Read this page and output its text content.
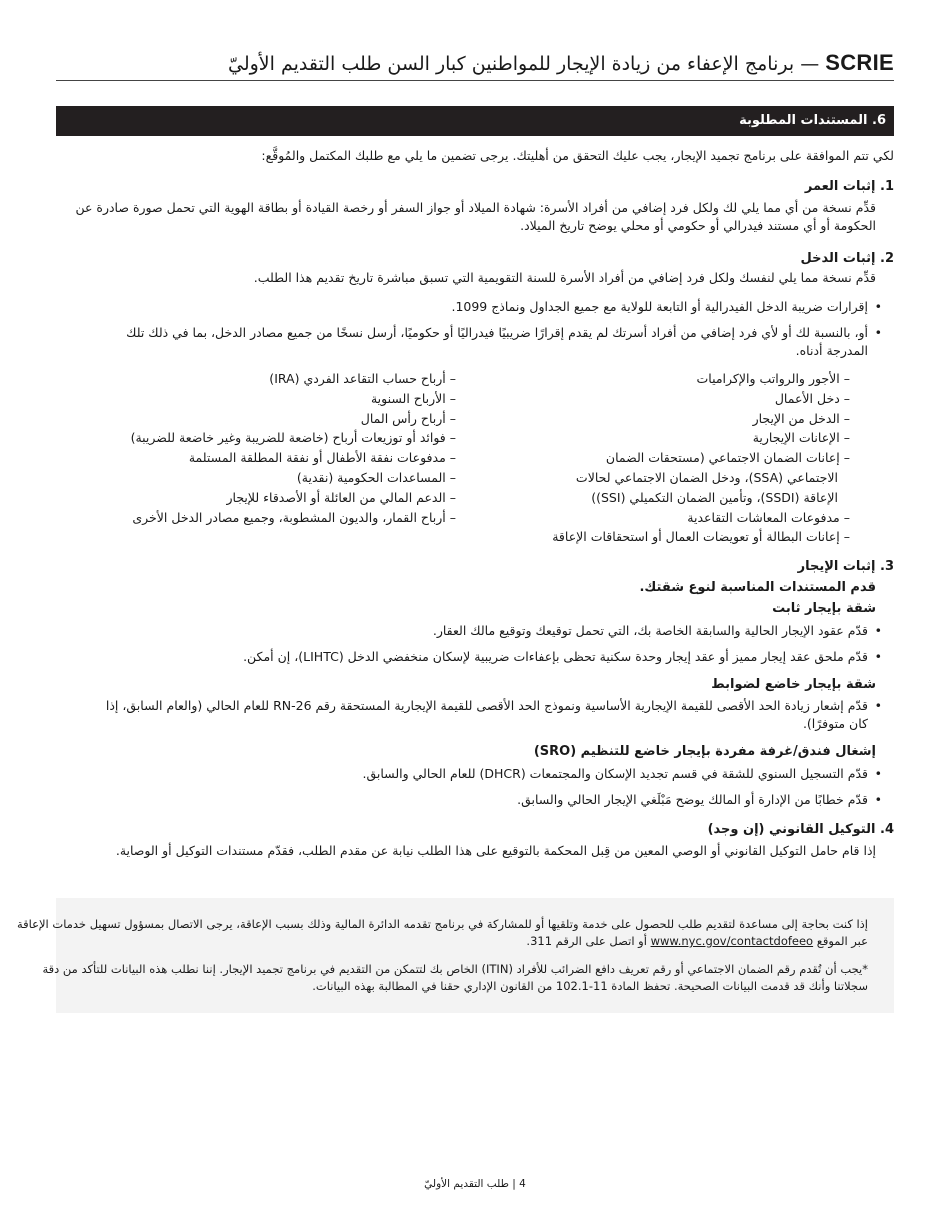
SCRIE — برنامج الإعفاء من زيادة الإيجار للمواطنين كبار السن طلب التقديم الأوليّ
6. المستندات المطلوبة
لكي تتم الموافقة على برنامج تجميد الإيجار، يجب عليك التحقق من أهليتك. يرجى تضمين ما يلي مع طلبك المكتمل والمُوقَّع:
1. إثبات العمر
قدِّم نسخة من أي مما يلي لك ولكل فرد إضافي من أفراد الأسرة: شهادة الميلاد أو جواز السفر أو رخصة القيادة أو بطاقة الهوية التي تحمل صورة صادرة عن
الحكومة أو أي مستند فيدرالي أو حكومي أو محلي يوضح تاريخ الميلاد.
2. إثبات الدخل
قدِّم نسخة مما يلي لنفسك ولكل فرد إضافي من أفراد الأسرة للسنة التقويمية التي تسبق مباشرة تاريخ تقديم هذا الطلب.
• إقرارات ضريبة الدخل الفيدرالية أو التابعة للولاية مع جميع الجداول ونماذج 1099.
• أو، بالنسبة لك أو لأي فرد إضافي من أفراد أسرتك لم يقدم إقرارًا ضريبيًا فيدراليًا أو حكوميًا، أرسل نسخًا من جميع مصادر الدخل، بما في ذلك تلك
المدرجة أدناه.
– الأجور والرواتب والإكراميات
– دخل الأعمال
– الدخل من الإيجار
– الإعانات الإيجارية
– إعانات الضمان الاجتماعي (مستحقات الضمان
الاجتماعي (SSA)، ودخل الضمان الاجتماعي لحالات
الإعاقة (SSDI)، وتأمين الضمان التكميلي (SSI))
– مدفوعات المعاشات التقاعدية
– إعانات البطالة أو تعويضات العمال أو استحقاقات الإعاقة
– أرباح حساب التقاعد الفردي (IRA)
– الأرباح السنوية
– أرباح رأس المال
– فوائد أو توزيعات أرباح (خاضعة للضريبة وغير خاضعة للضريبة)
– مدفوعات نفقة الأطفال أو نفقة المطلقة المستلمة
– المساعدات الحكومية (نقدية)
– الدعم المالي من العائلة أو الأصدقاء للإيجار
– أرباح القمار، والديون المشطوبة، وجميع مصادر الدخل الأخرى
3. إثبات الإيجار
قدم المستندات المناسبة لنوع شقتك.
شقة بإيجار ثابت
• قدّم عقود الإيجار الحالية والسابقة الخاصة بك، التي تحمل توقيعك وتوقيع مالك العقار.
• قدّم ملحق عقد إيجار مميز أو عقد إيجار وحدة سكنية تحظى بإعفاءات ضريبية لإسكان منخفضي الدخل (LIHTC)، إن أمكن.
شقة بإيجار خاضع لضوابط
• قدّم إشعار زيادة الحد الأقصى للقيمة الإيجارية الأساسية ونموذج الحد الأقصى للقيمة الإيجارية المستحقة رقم RN-26 للعام الحالي (والعام السابق، إذا
كان متوفرًا).
إشغال فندق/غرفة مفردة بإيجار خاضع للتنظيم (SRO)
• قدّم التسجيل السنوي للشقة في قسم تجديد الإسكان والمجتمعات (DHCR) للعام الحالي والسابق.
• قدّم خطابًا من الإدارة أو المالك يوضح مَبْلَغي الإيجار الحالي والسابق.
4. التوكيل القانوني (إن وجد)
إذا قام حامل التوكيل القانوني أو الوصي المعين من قِبل المحكمة بالتوقيع على هذا الطلب نيابة عن مقدم الطلب، فقدّم مستندات التوكيل أو الوصاية.
إذا كنت بحاجة إلى مساعدة لتقديم طلب للحصول على خدمة وتلقيها أو للمشاركة في برنامج تقدمه الدائرة المالية وذلك بسبب الإعاقة، يرجى الاتصال بمسؤول تسهيل خدمات الإعاقة
عبر الموقع www.nyc.gov/contactdofeeo أو اتصل على الرقم 311.
*يجب أن تُقدم رقم الضمان الاجتماعي أو رقم تعريف دافع الضرائب للأفراد (ITIN) الخاص بك لتتمكن من التقديم في برنامج تجميد الإيجار. إننا نطلب هذه البيانات للتأكد من دقة
سجلاتنا وأنك قد قدمت البيانات الصحيحة. تحفظ المادة 11-102.1 من القانون الإداري حقنا في المطالبة بهذه البيانات.
4 | طلب التقديم الأوليّ
